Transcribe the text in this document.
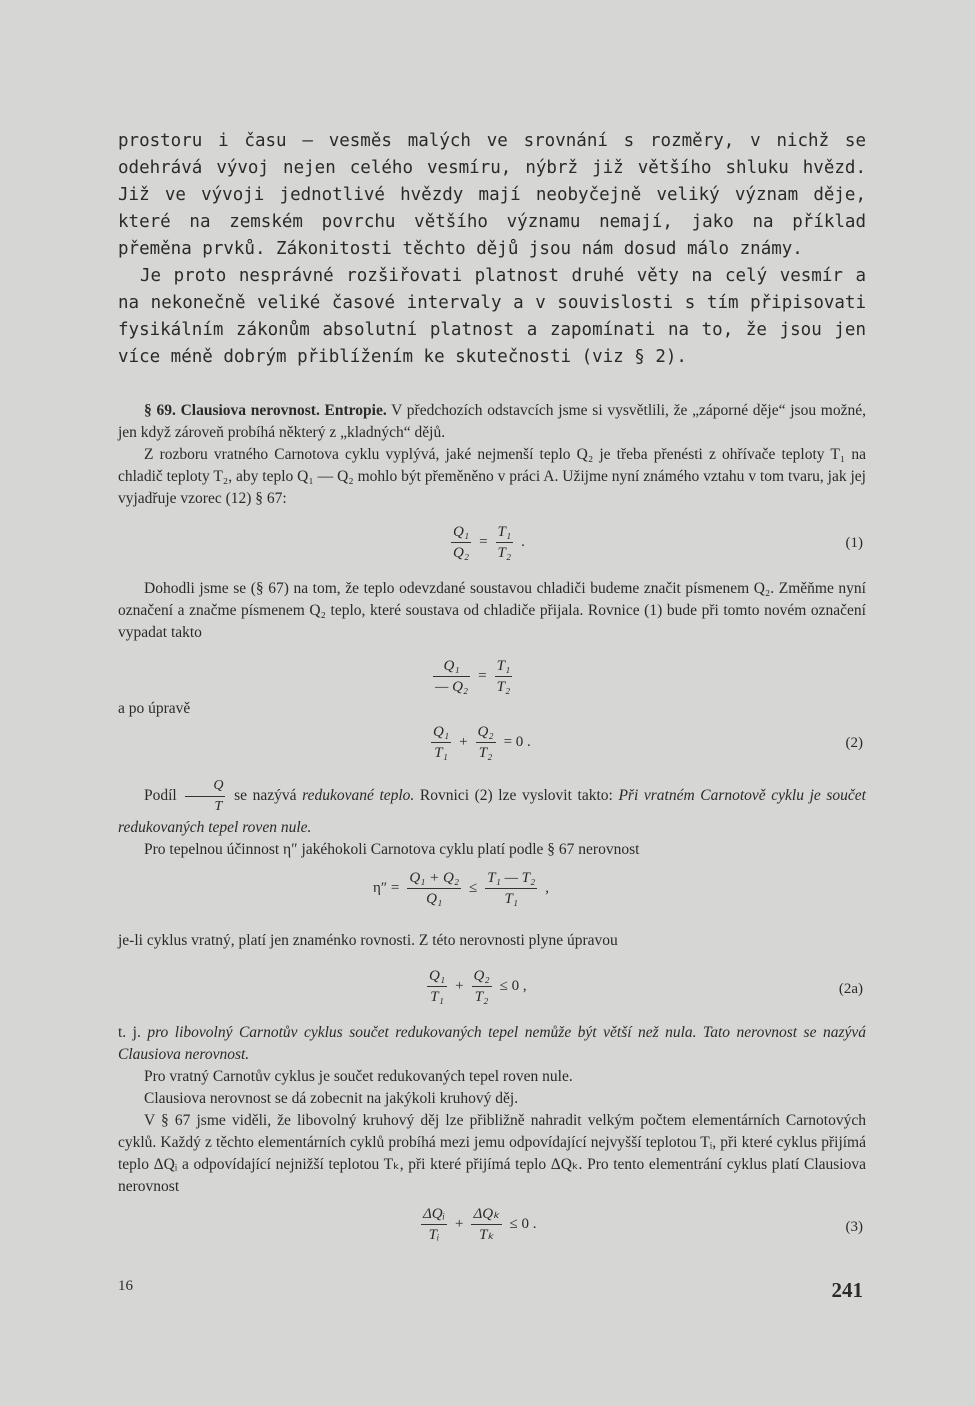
prostoru i času — vesměs malých ve srovnání s rozměry, v nichž se odehrává vývoj nejen celého vesmíru, nýbrž již většího shluku hvězd. Již ve vývoji jednotlivé hvězdy mají neobyčejně veliký význam děje, které na zemském povrchu většího významu nemají, jako na příklad přeměna prvků. Zákonitosti těchto dějů jsou nám dosud málo známy.

Je proto nesprávné rozšiřovati platnost druhé věty na celý vesmír a na nekonečně veliké časové intervaly a v souvislosti s tím připisovati fysikálním zákonům absolutní platnost a zapomínati na to, že jsou jen více méně dobrým přiblížením ke skutečnosti (viz § 2).

§ 69. Clausiova nerovnost. Entropie. V předchozích odstavcích jsme si vysvětlili, že „záporné děje“ jsou možné, jen když zároveň probíhá některý z „kladných“ dějů.

Z rozboru vratného Carnotova cyklu vyplývá, jaké nejmenší teplo Q₂ je třeba přenésti z ohřívače teploty T₁ na chladič teploty T₂, aby teplo Q₁ — Q₂ mohlo být přeměněno v práci A. Užijme nyní známého vztahu v tom tvaru, jak jej vyjadřuje vzorec (12) § 67:

$\frac{\text{Q₁}}{\text{Q₂}} = \frac{\text{T₁}}{\text{T₂}}$ .	(1)

Dohodli jsme se (§ 67) na tom, že teplo odevzdané soustavou chladiči budeme značit písmenem Q₂. Změňme nyní označení a značme písmenem Q₂ teplo, které soustava od chladiče přijala. Rovnice (1) bude při tomto novém označení vypadat takto

$\frac{\text{Q₁}}{\text{— Q₂}} = \frac{\text{T₁}}{\text{T₂}}$

a po úpravě

$\frac{\text{Q₁}}{\text{T₁}} + \frac{\text{Q₂}}{\text{T₂}} = 0$ .	(2)

Podíl $\frac{Q}{T}$ se nazývá redukované teplo. Rovnici (2) lze vyslovit takto: Při vratném Carnotově cyklu je součet redukovaných tepel roven nule.

Pro tepelnou účinnost η″ jakéhokoli Carnotova cyklu platí podle § 67 nerovnost

$\eta'' = \frac{\text{Q₁ + Q₂}}{\text{Q₁}} \le \frac{\text{T₁ — T₂}}{\text{T₁}}$ ,

je-li cyklus vratný, platí jen znaménko rovnosti. Z této nerovnosti plyne úpravou

$\frac{\text{Q₁}}{\text{T₁}} + \frac{\text{Q₂}}{\text{T₂}} \le 0$ ,	(2a)

t. j. pro libovolný Carnotův cyklus součet redukovaných tepel nemůže být větší než nula. Tato nerovnost se nazývá Clausiova nerovnost.

Pro vratný Carnotův cyklus je součet redukovaných tepel roven nule.

Clausiova nerovnost se dá zobecnit na jakýkoli kruhový děj.

V § 67 jsme viděli, že libovolný kruhový děj lze přibližně nahradit velkým počtem elementárních Carnotových cyklů. Každý z těchto elementárních cyklů probíhá mezi jemu odpovídající nejvyšší teplotou Tᵢ, při které cyklus přijímá teplo ΔQᵢ a odpovídající nejnižší teplotou Tₖ, při které přijímá teplo ΔQₖ. Pro tento elementrání cyklus platí Clausiova nerovnost

$\frac{\text{ΔQᵢ}}{\text{Tᵢ}} + \frac{\text{ΔQₖ}}{\text{Tₖ}} \le 0$ .	(3)
16	241
